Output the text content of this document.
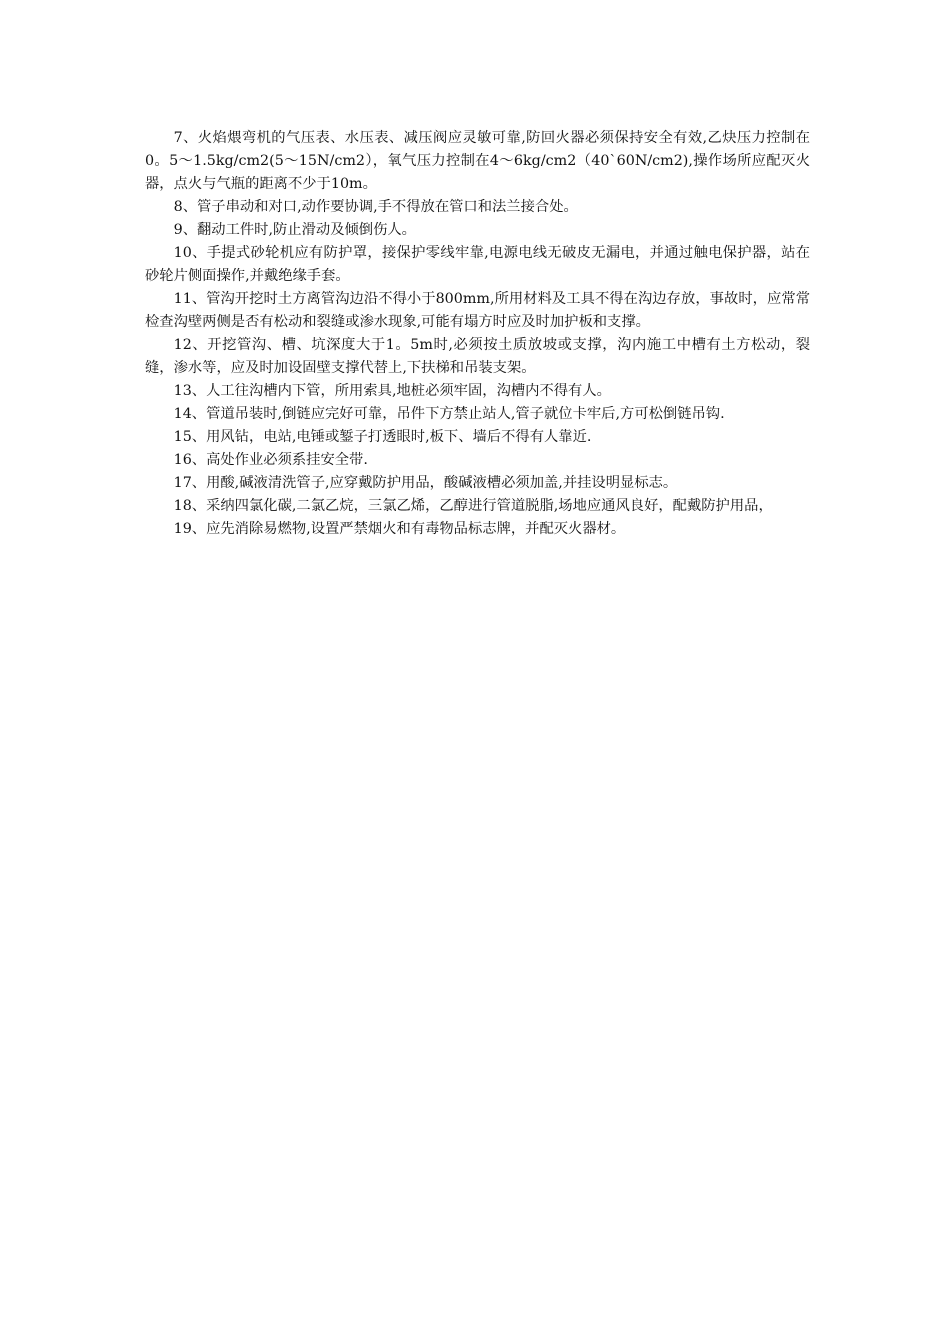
7、火焰煨弯机的气压表、水压表、减压阀应灵敏可靠,防回火器必须保持安全有效,乙炔压力控制在0。5～1.5kg/cm2(5～15N/cm2），氧气压力控制在4～6kg/cm2（40`60N/cm2),操作场所应配灭火器，点火与气瓶的距离不少于10m。

8、管子串动和对口,动作要协调,手不得放在管口和法兰接合处。

9、翻动工件时,防止滑动及倾倒伤人。

10、手提式砂轮机应有防护罩，接保护零线牢靠,电源电线无破皮无漏电，并通过触电保护器，站在砂轮片侧面操作,并戴绝缘手套。

11、管沟开挖时土方离管沟边沿不得小于800mm,所用材料及工具不得在沟边存放，事故时，应常常检查沟壁两侧是否有松动和裂缝或渗水现象,可能有塌方时应及时加护板和支撑。

12、开挖管沟、槽、坑深度大于1。5m时,必须按土质放坡或支撑，沟内施工中槽有土方松动，裂缝，渗水等，应及时加设固壁支撑代替上,下扶梯和吊装支架。

13、人工往沟槽内下管，所用索具,地桩必须牢固，沟槽内不得有人。

14、管道吊装时,倒链应完好可靠，吊件下方禁止站人,管子就位卡牢后,方可松倒链吊钩.

15、用风钻，电站,电锤或錾子打透眼时,板下、墙后不得有人靠近.

16、高处作业必须系挂安全带.

17、用酸,碱液清洗管子,应穿戴防护用品，酸碱液槽必须加盖,并挂设明显标志。

18、采纳四氯化碳,二氯乙烷，三氯乙烯，乙醇进行管道脱脂,场地应通风良好，配戴防护用品，

19、应先消除易燃物,设置严禁烟火和有毒物品标志牌，并配灭火器材。
